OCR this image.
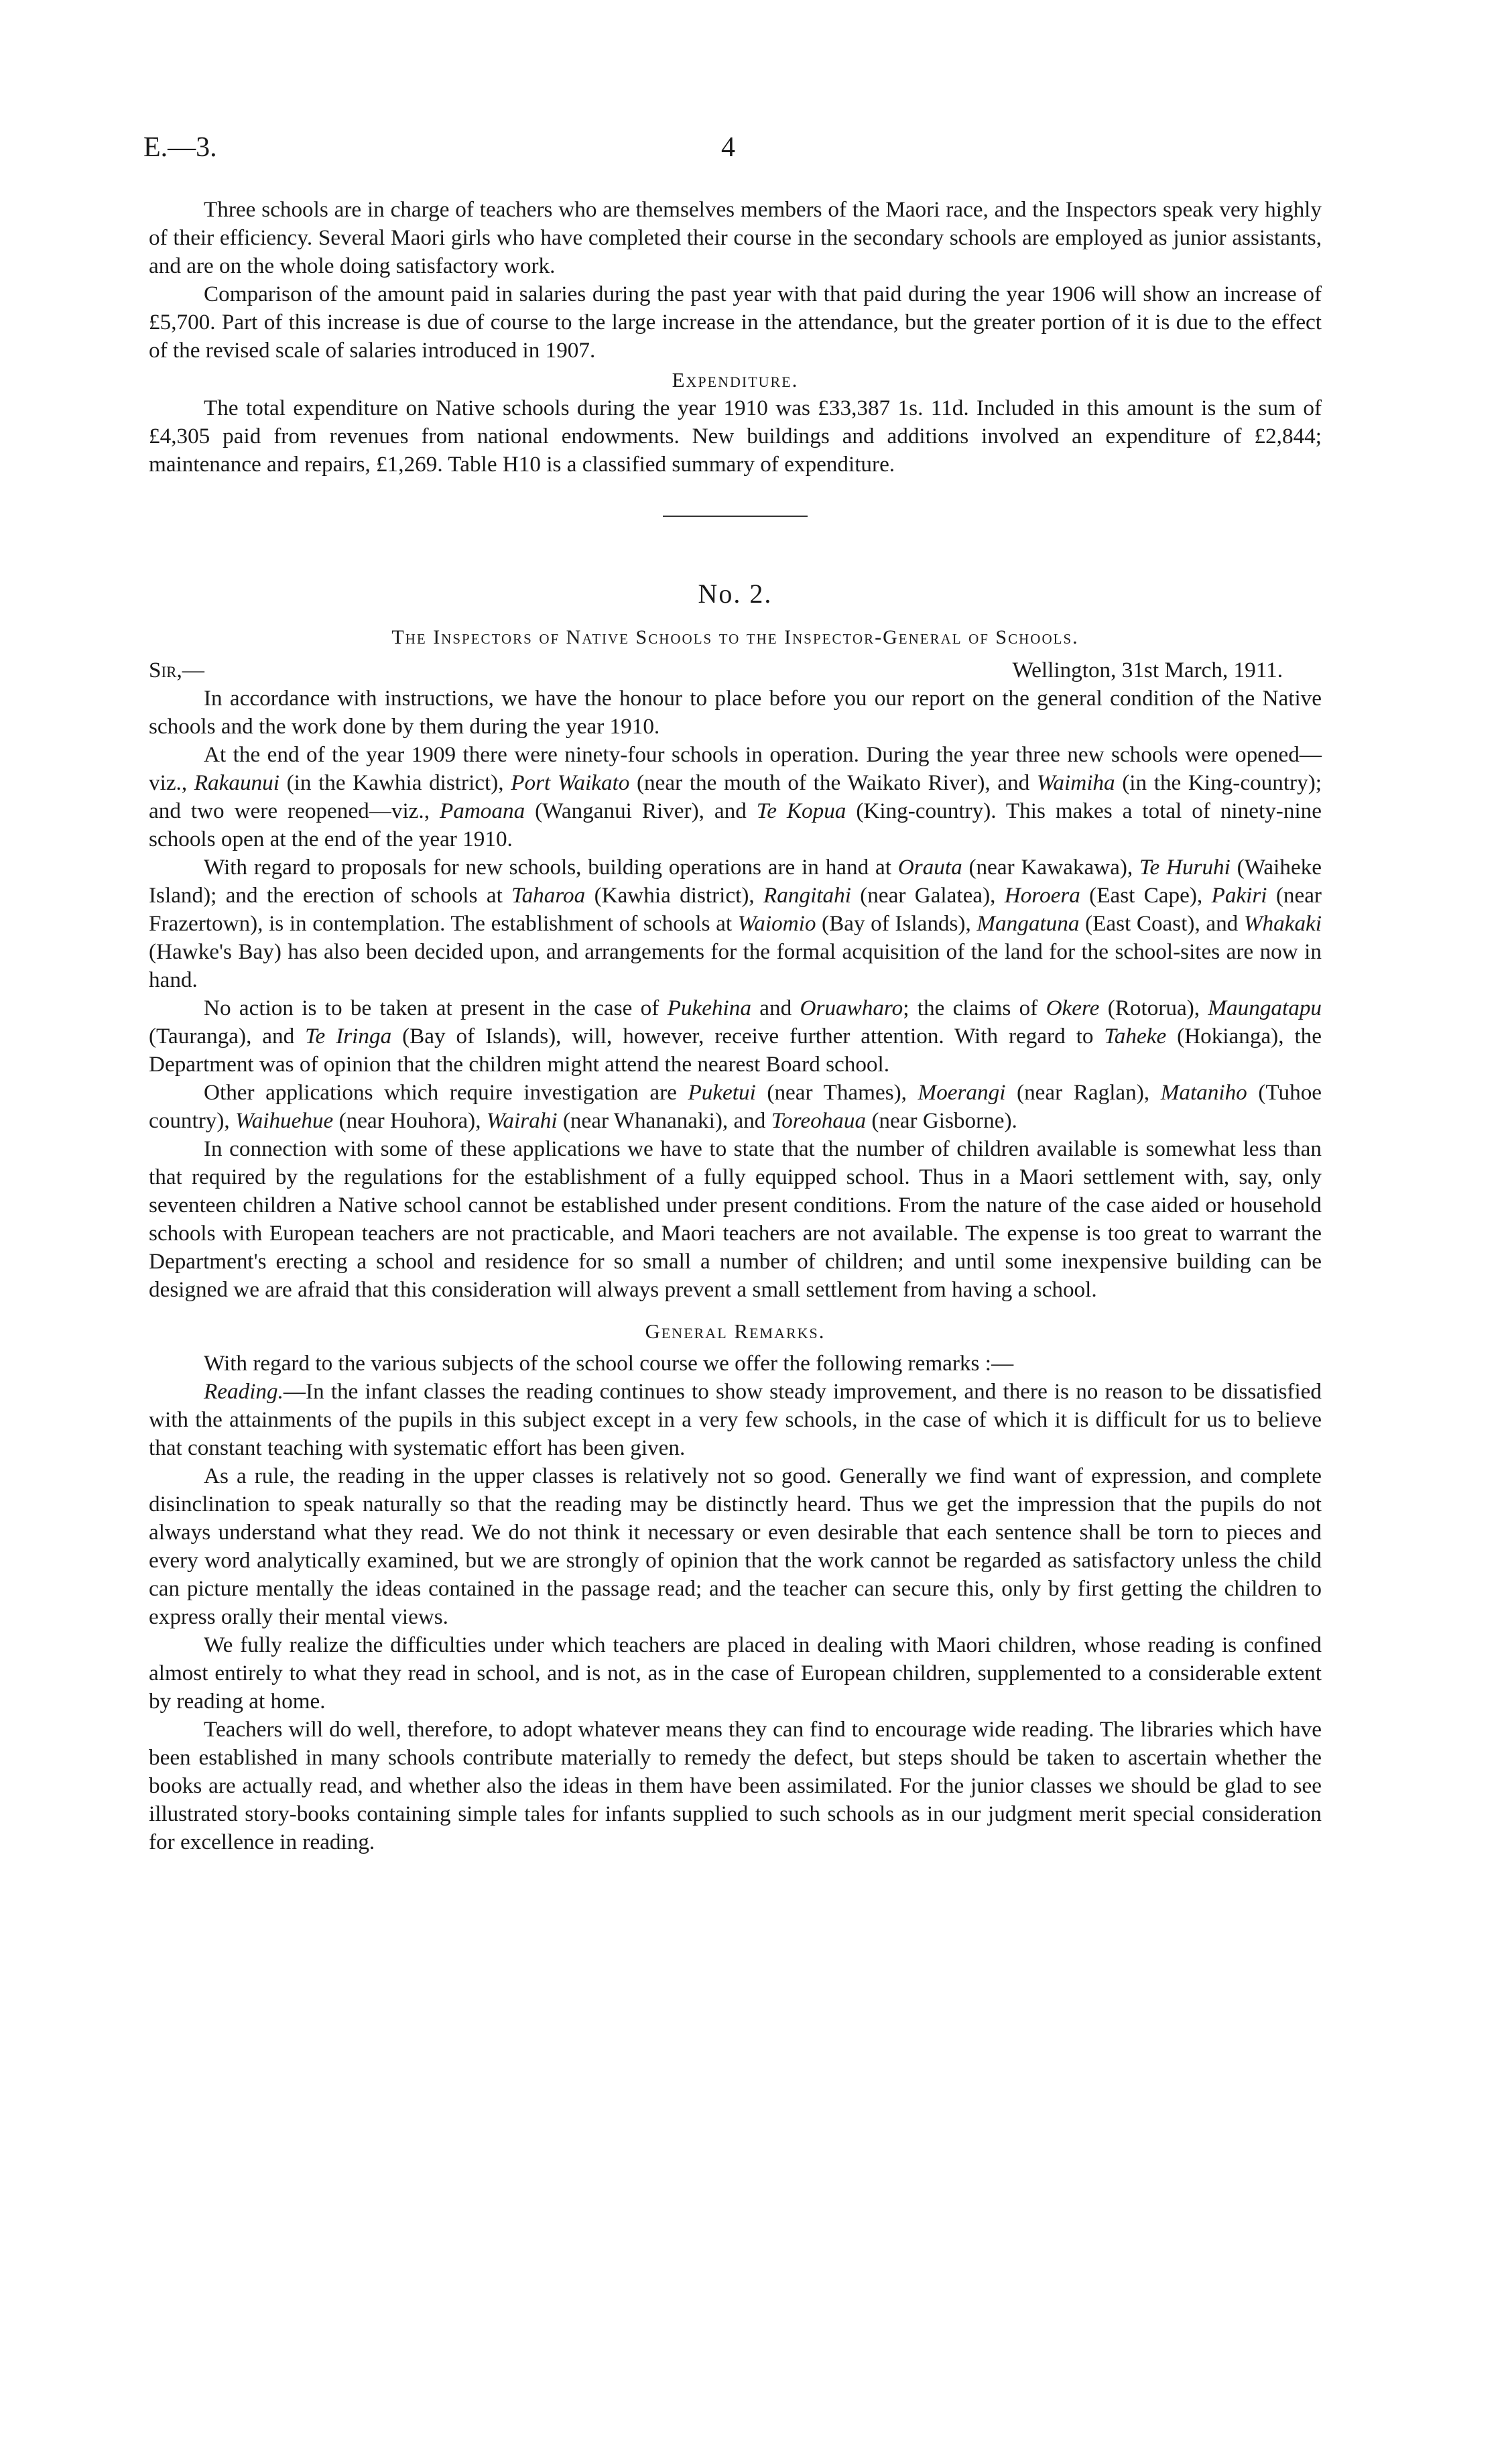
E.—3.	4

Three schools are in charge of teachers who are themselves members of the Maori race, and the Inspectors speak very highly of their efficiency. Several Maori girls who have completed their course in the secondary schools are employed as junior assistants, and are on the whole doing satisfactory work.

Comparison of the amount paid in salaries during the past year with that paid during the year 1906 will show an increase of £5,700. Part of this increase is due of course to the large increase in the attendance, but the greater portion of it is due to the effect of the revised scale of salaries introduced in 1907.

Expenditure.

The total expenditure on Native schools during the year 1910 was £33,387 1s. 11d. Included in this amount is the sum of £4,305 paid from revenues from national endowments. New buildings and additions involved an expenditure of £2,844; maintenance and repairs, £1,269. Table H10 is a classified summary of expenditure.

No. 2.
The Inspectors of Native Schools to the Inspector-General of Schools.
Sir,—	Wellington, 31st March, 1911.

In accordance with instructions, we have the honour to place before you our report on the general condition of the Native schools and the work done by them during the year 1910.

At the end of the year 1909 there were ninety-four schools in operation. During the year three new schools were opened—viz., Rakaunui (in the Kawhia district), Port Waikato (near the mouth of the Waikato River), and Waimiha (in the King-country); and two were reopened—viz., Pamoana (Wanganui River), and Te Kopua (King-country). This makes a total of ninety-nine schools open at the end of the year 1910.

With regard to proposals for new schools, building operations are in hand at Orauta (near Kawakawa), Te Huruhi (Waiheke Island); and the erection of schools at Taharoa (Kawhia district), Rangitahi (near Galatea), Horoera (East Cape), Pakiri (near Frazertown), is in contemplation. The establishment of schools at Waiomio (Bay of Islands), Mangatuna (East Coast), and Whakaki (Hawke's Bay) has also been decided upon, and arrangements for the formal acquisition of the land for the school-sites are now in hand.

No action is to be taken at present in the case of Pukehina and Oruawharo; the claims of Okere (Rotorua), Maungatapu (Tauranga), and Te Iringa (Bay of Islands), will, however, receive further attention. With regard to Taheke (Hokianga), the Department was of opinion that the children might attend the nearest Board school.

Other applications which require investigation are Puketui (near Thames), Moerangi (near Raglan), Mataniho (Tuhoe country), Waihuehue (near Houhora), Wairahi (near Whananaki), and Toreohaua (near Gisborne).

In connection with some of these applications we have to state that the number of children available is somewhat less than that required by the regulations for the establishment of a fully equipped school. Thus in a Maori settlement with, say, only seventeen children a Native school cannot be established under present conditions. From the nature of the case aided or household schools with European teachers are not practicable, and Maori teachers are not available. The expense is too great to warrant the Department's erecting a school and residence for so small a number of children; and until some inexpensive building can be designed we are afraid that this consideration will always prevent a small settlement from having a school.

General Remarks.

With regard to the various subjects of the school course we offer the following remarks :—

Reading.—In the infant classes the reading continues to show steady improvement, and there is no reason to be dissatisfied with the attainments of the pupils in this subject except in a very few schools, in the case of which it is difficult for us to believe that constant teaching with systematic effort has been given.

As a rule, the reading in the upper classes is relatively not so good. Generally we find want of expression, and complete disinclination to speak naturally so that the reading may be distinctly heard. Thus we get the impression that the pupils do not always understand what they read. We do not think it necessary or even desirable that each sentence shall be torn to pieces and every word analytically examined, but we are strongly of opinion that the work cannot be regarded as satisfactory unless the child can picture mentally the ideas contained in the passage read; and the teacher can secure this, only by first getting the children to express orally their mental views.

We fully realize the difficulties under which teachers are placed in dealing with Maori children, whose reading is confined almost entirely to what they read in school, and is not, as in the case of European children, supplemented to a considerable extent by reading at home.

Teachers will do well, therefore, to adopt whatever means they can find to encourage wide reading. The libraries which have been established in many schools contribute materially to remedy the defect, but steps should be taken to ascertain whether the books are actually read, and whether also the ideas in them have been assimilated. For the junior classes we should be glad to see illustrated story-books containing simple tales for infants supplied to such schools as in our judgment merit special consideration for excellence in reading.
